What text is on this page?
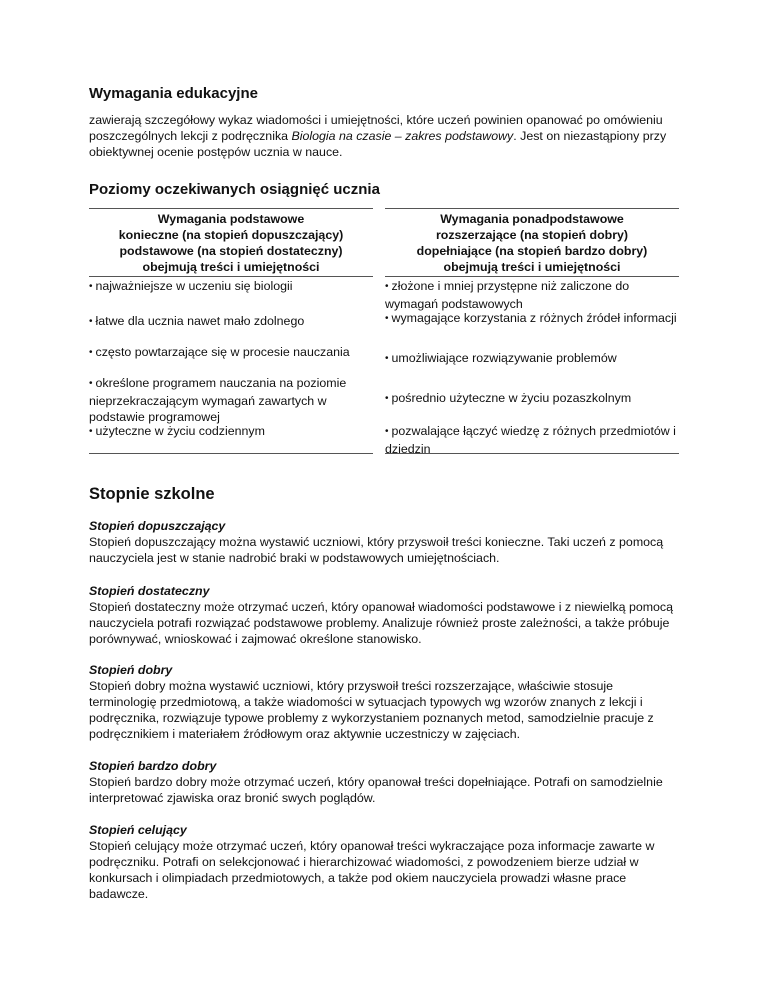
Wymagania edukacyjne

zawierają szczegółowy wykaz wiadomości i umiejętności, które uczeń powinien opanować po omówieniu poszczególnych lekcji z podręcznika Biologia na czasie – zakres podstawowy. Jest on niezastąpiony przy obiektywnej ocenie postępów ucznia w nauce.

Poziomy oczekiwanych osiągnięć ucznia
Wymagania podstawowe
konieczne (na stopień dopuszczający)
podstawowe (na stopień dostateczny)
obejmują treści i umiejętności
• najważniejsze w uczeniu się biologii
• łatwe dla ucznia nawet mało zdolnego
• często powtarzające się w procesie nauczania
• określone programem nauczania na poziomie nieprzekraczającym wymagań zawartych w podstawie programowej
• użyteczne w życiu codziennym
Wymagania ponadpodstawowe
rozszerzające (na stopień dobry)
dopełniające (na stopień bardzo dobry)
obejmują treści i umiejętności
• złożone i mniej przystępne niż zaliczone do wymagań podstawowych
• wymagające korzystania z różnych źródeł informacji
• umożliwiające rozwiązywanie problemów
• pośrednio użyteczne w życiu pozaszkolnym
• pozwalające łączyć wiedzę z różnych przedmiotów i dziedzin
Stopnie szkolne

Stopień dopuszczający

Stopień dopuszczający można wystawić uczniowi, który przyswoił treści konieczne. Taki uczeń z pomocą nauczyciela jest w stanie nadrobić braki w podstawowych umiejętnościach.

Stopień dostateczny

Stopień dostateczny może otrzymać uczeń, który opanował wiadomości podstawowe i z niewielką pomocą nauczyciela potrafi rozwiązać podstawowe problemy. Analizuje również proste zależności, a także próbuje porównywać, wnioskować i zajmować określone stanowisko.

Stopień dobry

Stopień dobry można wystawić uczniowi, który przyswoił treści rozszerzające, właściwie stosuje terminologię przedmiotową, a także wiadomości w sytuacjach typowych wg wzorów znanych z lekcji i podręcznika, rozwiązuje typowe problemy z wykorzystaniem poznanych metod, samodzielnie pracuje z podręcznikiem i materiałem źródłowym oraz aktywnie uczestniczy w zajęciach.

Stopień bardzo dobry

Stopień bardzo dobry może otrzymać uczeń, który opanował treści dopełniające. Potrafi on samodzielnie interpretować zjawiska oraz bronić swych poglądów.

Stopień celujący

Stopień celujący może otrzymać uczeń, który opanował treści wykraczające poza informacje zawarte w podręczniku. Potrafi on selekcjonować i hierarchizować wiadomości, z powodzeniem bierze udział w konkursach i olimpiadach przedmiotowych, a także pod okiem nauczyciela prowadzi własne prace badawcze.
